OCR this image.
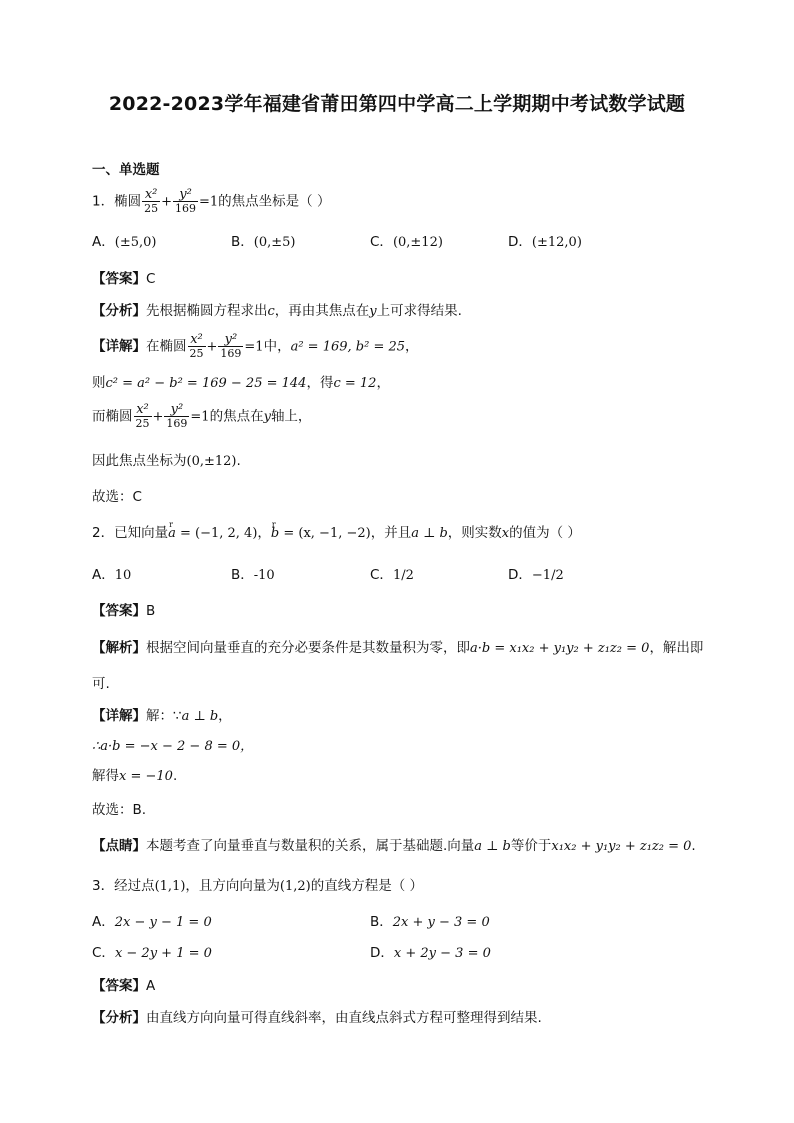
2022-2023学年福建省莆田第四中学高二上学期期中考试数学试题
一、单选题
1．椭圆 $\frac{\text{x²}}{25} + \frac{\text{y²}}{169} =1$的焦点坐标是（ ）
A．(±5,0)	B．(0,±5)	C．(0,±12)	D．(±12,0)
【答案】C
【分析】先根据椭圆方程求出c，再由其焦点在y上可求得结果.
【详解】在椭圆 $\frac{\text{x²}}{25} + \frac{\text{y²}}{169} =1$中，a² = 169, b² = 25，
则c² = a² − b² = 169 − 25 = 144，得c = 12，
而椭圆 $\frac{\text{x²}}{25} + \frac{\text{y²}}{169} =1$的焦点在y轴上，
因此焦点坐标为(0,±12).
故选：C
2．已知向量r a = (−1, 2, 4)，r b = (x, −1, −2)，并且a ⊥ b，则实数x的值为（ ）
A．10	B．-10	C．1/2	D．−1/2
【答案】B
【解析】根据空间向量垂直的充分必要条件是其数量积为零，即a·b = x₁x₂ + y₁y₂ + z₁z₂ = 0，解出即
可.
【详解】解：∵a ⊥ b，
∴a·b = −x − 2 − 8 = 0，
解得x = −10.
故选：B.
【点睛】本题考查了向量垂直与数量积的关系，属于基础题.向量a ⊥ b等价于x₁x₂ + y₁y₂ + z₁z₂ = 0.
3．经过点(1,1)，且方向向量为(1,2)的直线方程是（ ）
A．2x − y − 1 = 0	B．2x + y − 3 = 0
C．x − 2y + 1 = 0	D．x + 2y − 3 = 0
【答案】A
【分析】由直线方向向量可得直线斜率，由直线点斜式方程可整理得到结果.
